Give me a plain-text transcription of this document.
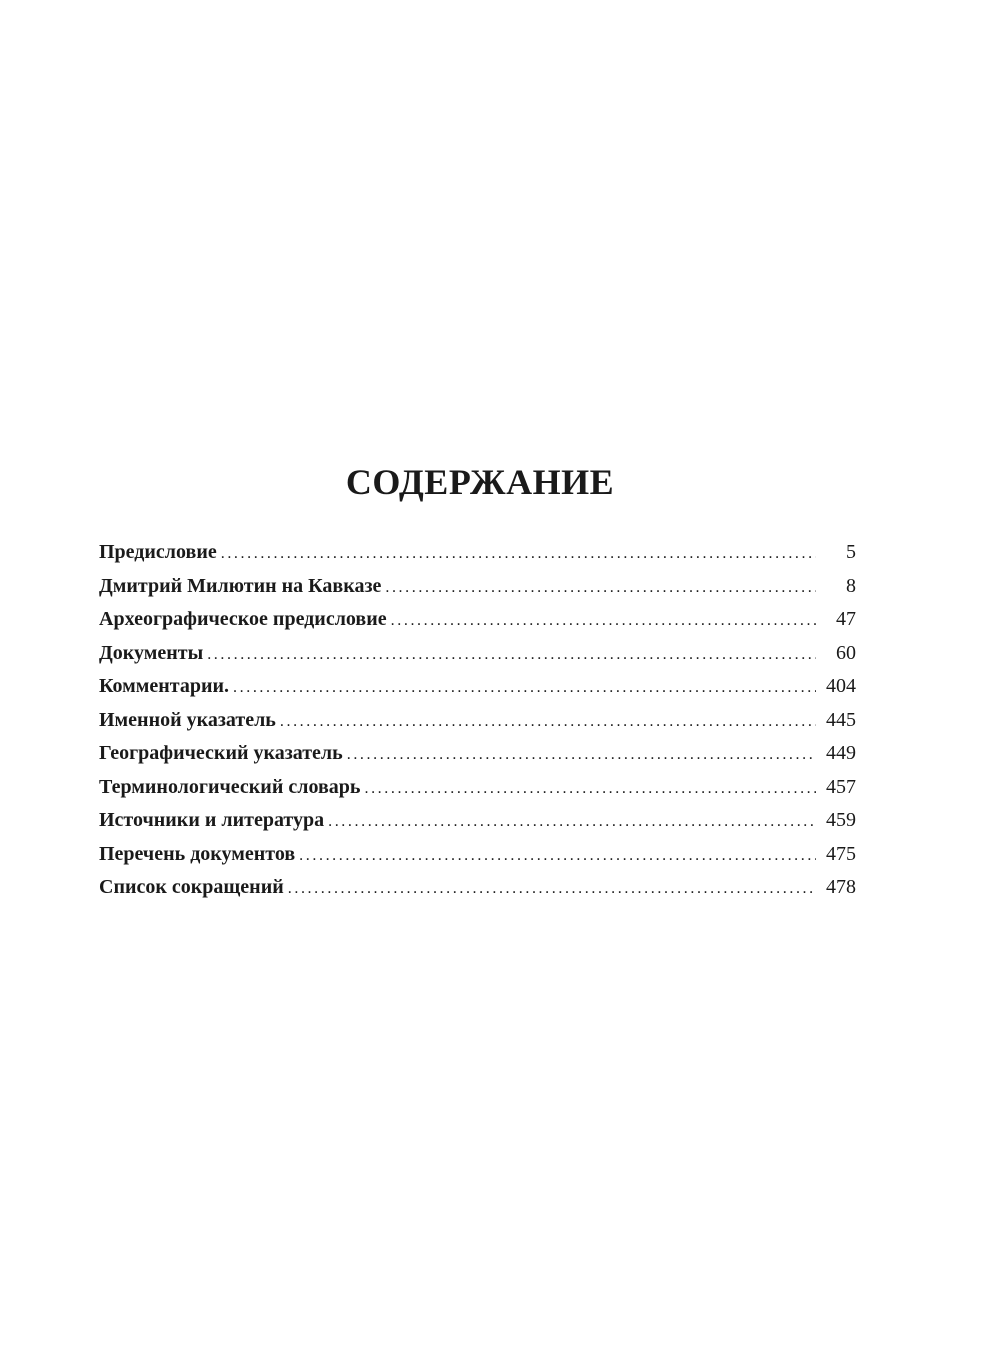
СОДЕРЖАНИЕ
Предисловие .....	5
Дмитрий Милютин на Кавказе .....	8
Археографическое предисловие .....	47
Документы .....	60
Комментарии. .....	404
Именной указатель .....	445
Географический указатель .....	449
Терминологический словарь .....	457
Источники и литература .....	459
Перечень документов .....	475
Список сокращений .....	478
